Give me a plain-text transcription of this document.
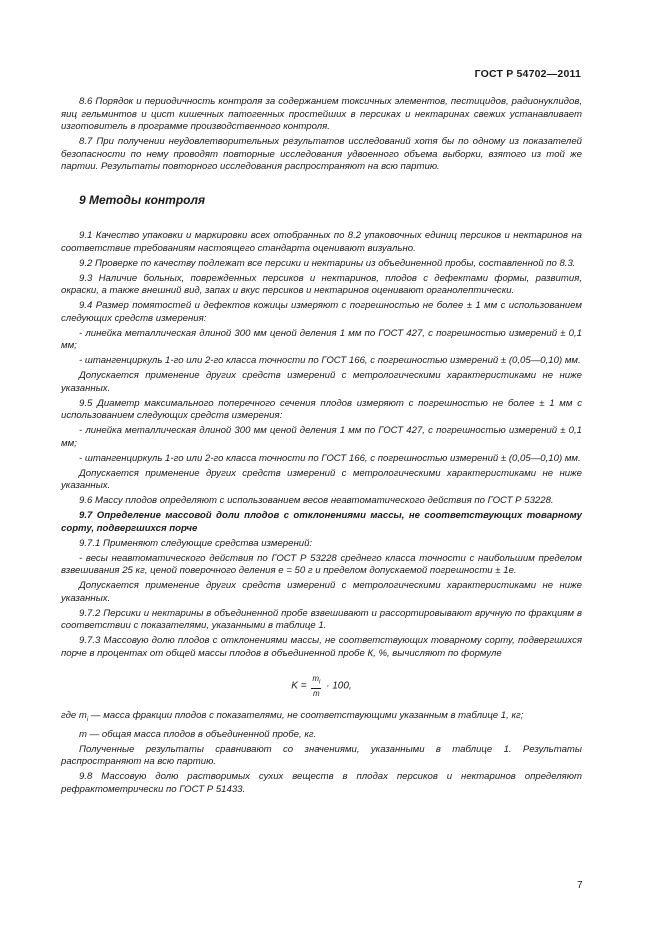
ГОСТ Р 54702—2011

8.6 Порядок и периодичность контроля за содержанием токсичных элементов, пестицидов, радионуклидов, яиц гельминтов и цист кишечных патогенных простейших в персиках и нектаринах свежих устанавливает изготовитель в программе производственного контроля.

8.7 При получении неудовлетворительных результатов исследований хотя бы по одному из показателей безопасности по нему проводят повторные исследования удвоенного объема выборки, взятого из той же партии. Результаты повторного исследования распространяют на всю партию.

9 Методы контроля

9.1 Качество упаковки и маркировки всех отобранных по 8.2 упаковочных единиц персиков и нектаринов на соответствие требованиям настоящего стандарта оценивают визуально.

9.2 Проверке по качеству подлежат все персики и нектарины из объединенной пробы, составленной по 8.3.

9.3 Наличие больных, поврежденных персиков и нектаринов, плодов с дефектами формы, развития, окраски, а также внешний вид, запах и вкус персиков и нектаринов оценивают органолептически.

9.4 Размер помятостей и дефектов кожицы измеряют с погрешностью не более ± 1 мм с использованием следующих средств измерения:

- линейка металлическая длиной 300 мм ценой деления 1 мм по ГОСТ 427, с погрешностью измерений ± 0,1 мм;

- штангенциркуль 1-го или 2-го класса точности по ГОСТ 166, с погрешностью измерений ± (0,05—0,10) мм.

Допускается применение других средств измерений с метрологическими характеристиками не ниже указанных.

9.5 Диаметр максимального поперечного сечения плодов измеряют с погрешностью не более ± 1 мм с использованием следующих средств измерения:

- линейка металлическая длиной 300 мм ценой деления 1 мм по ГОСТ 427, с погрешностью измерений ± 0,1 мм;

- штангенциркуль 1-го или 2-го класса точности по ГОСТ 166, с погрешностью измерений ± (0,05—0,10) мм.

Допускается применение других средств измерений с метрологическими характеристиками не ниже указанных.

9.6 Массу плодов определяют с использованием весов неавтоматического действия по ГОСТ Р 53228.

9.7 Определение массовой доли плодов с отклонениями массы, не соответствующих товарному сорту, подвергшихся порче

9.7.1 Применяют следующие средства измерений:

- весы неавтоматического действия по ГОСТ Р 53228 среднего класса точности с наибольшим пределом взвешивания 25 кг, ценой поверочного деления е = 50 г и пределом допускаемой погрешности ± 1е.

Допускается применение других средств измерений с метрологическими характеристиками не ниже указанных.

9.7.2 Персики и нектарины в объединенной пробе взвешивают и рассортировывают вручную по фракциям в соответствии с показателями, указанными в таблице 1.

9.7.3 Массовую долю плодов с отклонениями массы, не соответствующих товарному сорту, подвергшихся порче в процентах от общей массы плодов в объединенной пробе К, %, вычисляют по формуле

$K = \frac{m_i}{m} \cdot 100$,

где $m_i$ — масса фракции плодов с показателями, не соответствующими указанным в таблице 1, кг;

m — общая масса плодов в объединенной пробе, кг.

Полученные результаты сравнивают со значениями, указанными в таблице 1. Результаты распространяют на всю партию.

9.8 Массовую долю растворимых сухих веществ в плодах персиков и нектаринов определяют рефрактометрически по ГОСТ Р 51433.

7
